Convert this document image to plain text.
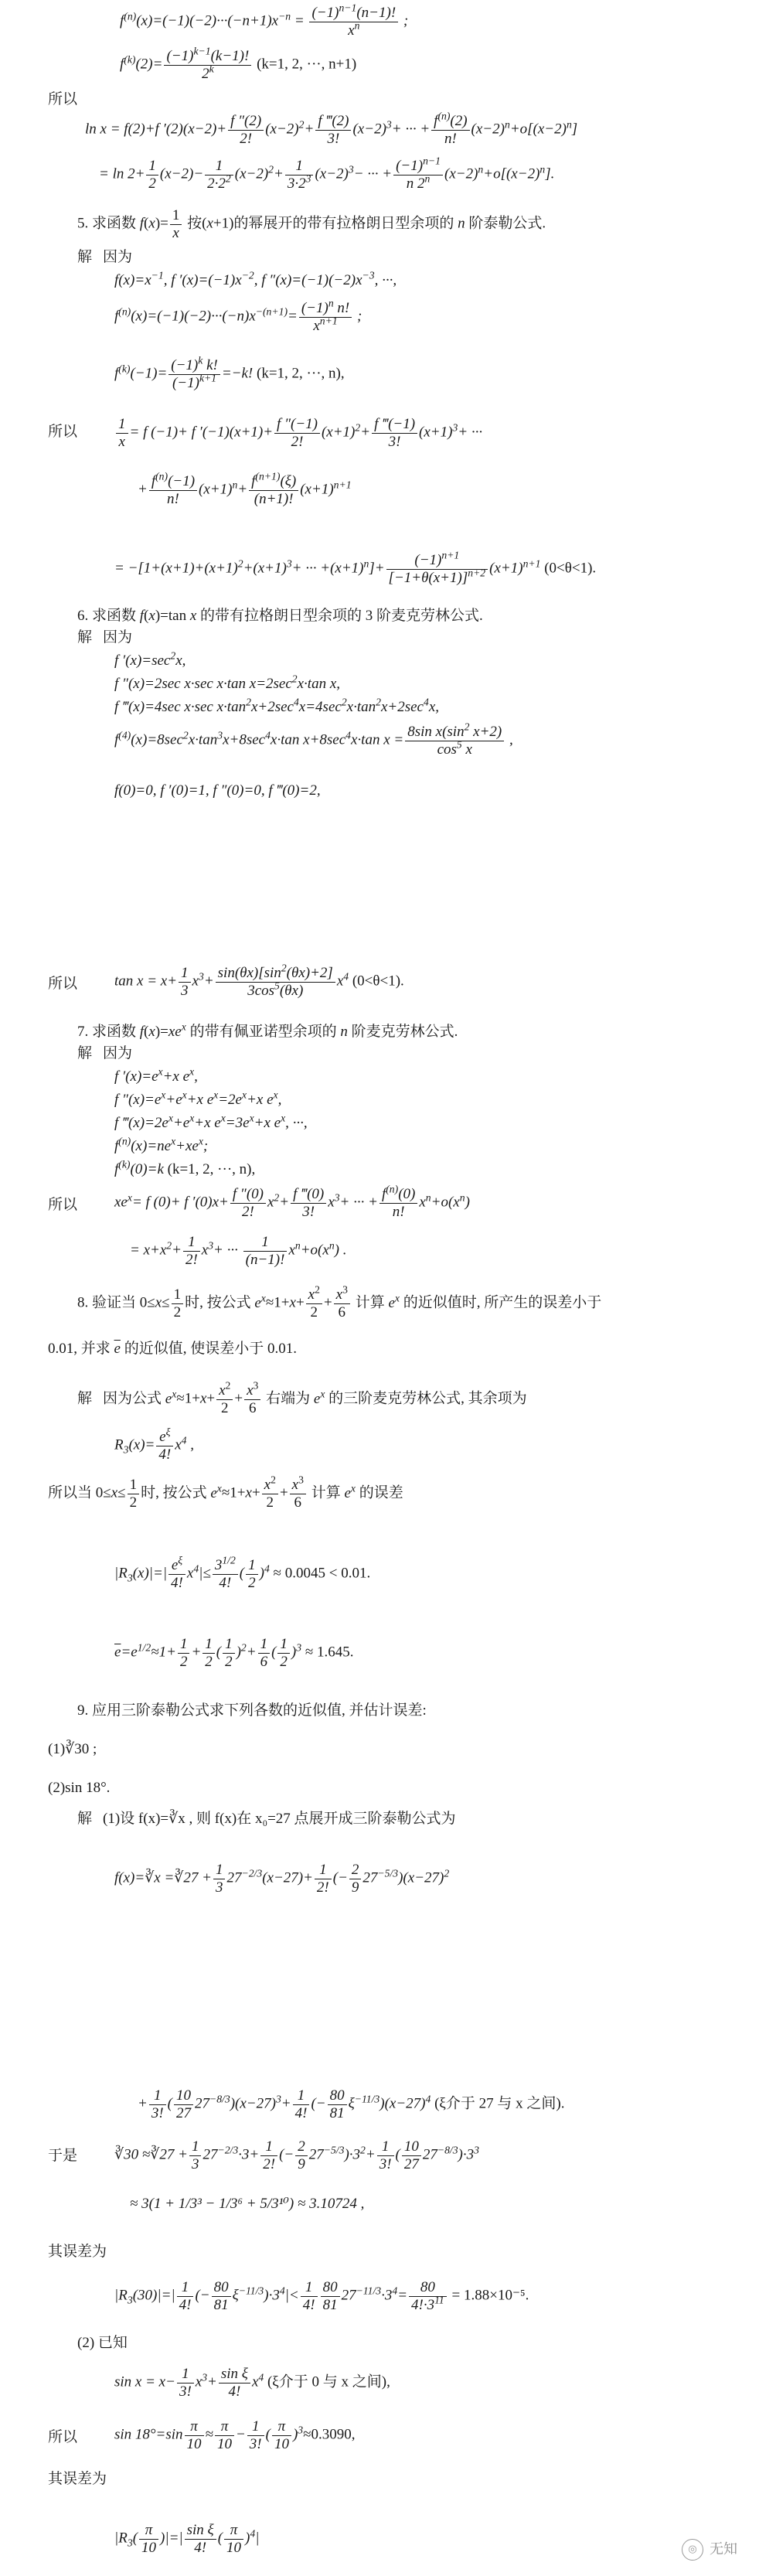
$f^{(n)}(x)=(-1)(-2)\cdot\cdot\cdot(-n+1)x^{-n} = \frac{(-1)^{n-1}(n-1)!}{x^n}$ ;
$f^{(k)}(2)= \frac{(-1)^{k-1}(k-1)!}{2^k} (k=1$, 2, ···, n+1)
所以
ln x = f(2)+f $'(2)(x-2)+ \frac{f ''(2)}{2!} (x-2)^2+ \frac{f ‴(2)}{3!} (x-2)^3+$ ··· + $\frac{f^{(n)}(2)}{n!} (x-2)^n+o[(x-2)^n]$
= $\ln 2+ \frac{1}{2} (x-2)- \frac{1}{2\cdot 2^2} (x-2)^2+ \frac{1}{3\cdot 2^3} (x-2)^3-$ ··· + $\frac{(-1)^{n-1}}{n 2^n} (x-2)^n+o[(x-2)^n]$.
5. 求函数 $f(x)= \frac{1}{x}$ 按(x+1)的幂展开的带有拉格朗日型余项的 n 阶泰勒公式.
解 因为
$f(x)=x^{-1}$, f $'(x)=(-1)x^{-2}$, f $''(x)=(-1)(-2)x^{-3}$, ···,
$f^{(n)}(x)=(-1)(-2)\cdot\cdot\cdot(-n)x^{-(n+1)}= \frac{(-1)^n n!}{x^{n+1}}$ ;
$f^{(k)}(-1)= \frac{(-1)^k k!}{(-1)^{k+1}} =-k$! (k=1, 2, ···, n),
所以	$\frac{1}{x} = f$ (−1)+ f $'(-1)(x+1)+ \frac{f ''(-1)}{2!} (x+1)^2+ \frac{f ‴(-1)}{3!} (x+1)^3+$ ···
+ $\frac{f^{(n)}(-1)}{n!} (x+1)^n+ \frac{f^{(n+1)}(\xi)}{(n+1)!} (x+1)^{n+1}$
= $-[1+(x+1)+(x+1)^2+(x+1)^3+$ ··· $+(x+1)^n]+ \frac{(-1)^{n+1}}{[-1+\theta(x+1)]^{n+2}} (x+1)^{n+1}$ (0<θ<1).
6. 求函数 f(x)=tan x 的带有拉格朗日型余项的 3 阶麦克劳林公式.
解 因为
f $'(x)=\sec^2x$,
f ″(x)=2sec x·sec x·tan $x=2\sec^2x\cdot\tan$ x,
f ‴(x)=4sec x·sec $x\cdot\tan^2x+2\sec^4x=4\sec^2x\cdot\tan^2x+2\sec^4x$,
$f^{(4)}(x)=8\sec^2x\cdot\tan^3x+8\sec^4x\cdot\tan$ $x+8\sec^4x\cdot\tan$ $x = \frac{8\sin x(\sin^2 x+2)}{\cos^5 x}$ ,
f(0)=0, f ′(0)=1, f ″(0)=0, f ‴(0)=2,
所以	$\tan x = x+ \frac{1}{3} x^3+ \frac{\sin(\theta x)[\sin^2(\theta x)+2]}{3\cos^5(\theta x)} x^4$ (0<θ<1).
7. 求函数 $f(x)=xe^x$ 的带有佩亚诺型余项的 n 阶麦克劳林公式.
解 因为
f $'(x)=e^x+x$ $e^x$,
f $''(x)=e^x+e^x+x$ $e^x=2e^x+x$ $e^x$,
f $‴(x)=2e^x+e^x+x$ $e^x=3e^x+x$ $e^x$, ···,
$f^{(n)}(x)=ne^x+xe^x$;
$f^{(k)}(0)=k$ (k=1, 2, ···, n),
所以	$xe^x= f$ (0)+ f $'(0)x+ \frac{f ''(0)}{2!} x^2+ \frac{f ‴(0)}{3!} x^3+$ ··· + $\frac{f^{(n)}(0)}{n!} x^n+o(x^n)$
= $x+x^2+ \frac{1}{2!} x^3+$ ··· $\frac{1}{(n-1)!} x^n+o(x^n)$ .
8. 验证当 $0\le x\le \frac{1}{2}$ 时, 按公式 $e^x\approx 1+x+ \frac{x^2}{2} + \frac{x^3}{6}$ 计算 $e^x$ 的近似值时, 所产生的误差小于
0.01, 并求 $\overline{e}$ 的近似值, 使误差小于 0.01.
解 因为公式 $e^x\approx 1+x+ \frac{x^2}{2} + \frac{x^3}{6}$ 右端为 $e^x$ 的三阶麦克劳林公式, 其余项为
$R_3(x)= \frac{e^\xi}{4!} x^4$ ,
所以当 $0\le x\le \frac{1}{2}$ 时, 按公式 $e^x\approx 1+x+ \frac{x^2}{2} + \frac{x^3}{6}$ 计算 $e^x$ 的误差
$|R_3(x)|=| \frac{e^\xi}{4!} x^4|\le \frac{3^{1/2}}{4!}$ ( $\frac{1}{2} )^4 \approx 0.0045 < 0.01$.
$\overline{e}=e^{1/2}\approx 1+ \frac{1}{2} + \frac{1}{2}$ ( $\frac{1}{2} )^2+ \frac{1}{6}$ ( $\frac{1}{2} )^3 \approx 1.645$.
9. 应用三阶泰勒公式求下列各数的近似值, 并估计误差:
(1)∛30 ;
(2)sin 18°.
解 (1)设 f(x)=∛x , 则 f(x)在 x₀=27 点展开成三阶泰勒公式为
f(x)=∛x =∛27 + $\frac{1}{3} 27^{-2/3}(x-27)+ \frac{1}{2!}$ (− $\frac{2}{9} 27^{-5/3})(x-27)^2$
+ $\frac{1}{3!}$ ( $\frac{10}{27} 27^{-8/3})(x-27)^3+ \frac{1}{4!}$ (− $\frac{80}{81} \xi^{-11/3})(x-27)^4$ (ξ介于 27 与 x 之间).
于是	∛30 ≈∛27 + $\frac{1}{3} 27^{-2/3}\cdot 3+ \frac{1}{2!}$ (− $\frac{2}{9} 27^{-5/3})\cdot 3^2+ \frac{1}{3!}$ ( $\frac{10}{27} 27^{-8/3})\cdot 3^3$
≈ 3(1 + 1/3³ − 1/3⁶ + 5/3¹⁰) ≈ 3.10724 ,
其误差为
$|R_3(30)|=| \frac{1}{4!}$ (− $\frac{80}{81} \xi^{-11/3})\cdot 3^4|< \frac{1}{4!} \frac{80}{81} 27^{-11/3}\cdot 3^4= \frac{80}{4!\cdot 3^{11}} = 1.88\times 10^{-5}$.
(2) 已知
$\sin x = x- \frac{1}{3!} x^3+ \frac{\text{sin ξ}}{4!} x^4$ (ξ介于 0 与 x 之间),
所以	$\sin 18^\circ=\sin \frac{\pi}{10} \approx \frac{\pi}{10} - \frac{1}{3!}$ ( $\frac{\pi}{10} )^3\approx 0.3090$,
其误差为
$|R_3( \frac{\pi}{10}$ )|=| $\frac{\text{sin ξ}}{4!}$ ( $\frac{\pi}{10} )^4|$
◎ 无知
